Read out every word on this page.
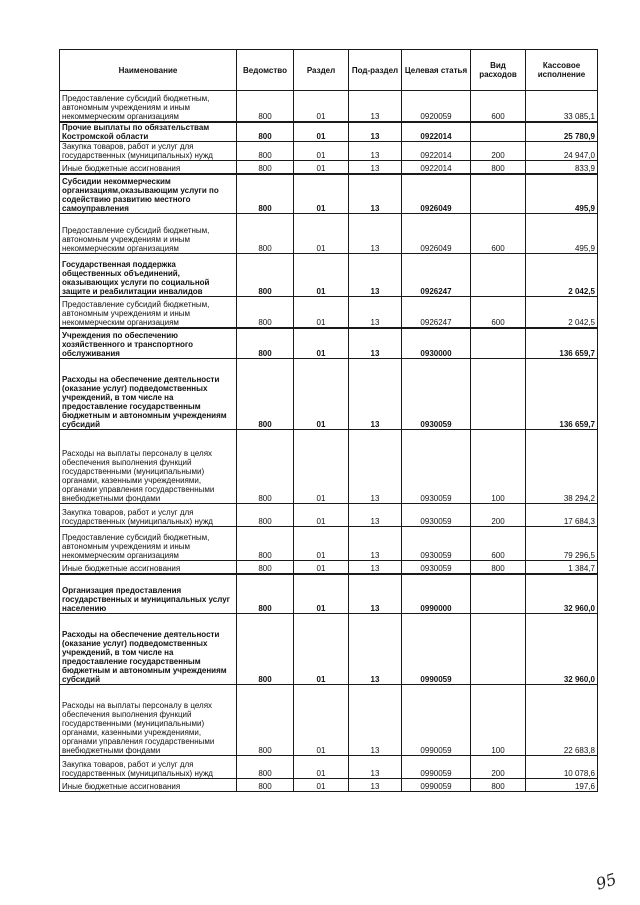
Наименование	Ведомство	Раздел	Под-раздел	Целевая статья	Вид расходов	Кассовое исполнение
Предоставление субсидий бюджетным, автономным учреждениям и иным некоммерческим организациям	800	01	13	0920059	600	33 085,1
Прочие выплаты по обязательствам Костромской области	800	01	13	0922014		25 780,9
Закупка товаров, работ и услуг для государственных (муниципальных) нужд	800	01	13	0922014	200	24 947,0
Иные бюджетные ассигнования	800	01	13	0922014	800	833,9
Субсидии некоммерческим организациям,оказывающим услуги по содействию развитию местного самоуправления	800	01	13	0926049		495,9
Предоставление субсидий бюджетным, автономным учреждениям и иным некоммерческим организациям	800	01	13	0926049	600	495,9
Государственная поддержка общественных объединений, оказывающих услуги по социальной защите и реабилитации инвалидов	800	01	13	0926247		2 042,5
Предоставление субсидий бюджетным, автономным учреждениям и иным некоммерческим организациям	800	01	13	0926247	600	2 042,5
Учреждения по обеспечению хозяйственного и транспортного обслуживания	800	01	13	0930000		136 659,7
Расходы на обеспечение деятельности (оказание услуг) подведомственных учреждений, в том числе на предоставление государственным бюджетным и автономным учреждениям субсидий	800	01	13	0930059		136 659,7
Расходы на выплаты персоналу в целях обеспечения выполнения функций государственными (муниципальными) органами, казенными учреждениями, органами управления государственными внебюджетными фондами	800	01	13	0930059	100	38 294,2
Закупка товаров, работ и услуг для государственных (муниципальных) нужд	800	01	13	0930059	200	17 684,3
Предоставление субсидий бюджетным, автономным учреждениям и иным некоммерческим организациям	800	01	13	0930059	600	79 296,5
Иные бюджетные ассигнования	800	01	13	0930059	800	1 384,7
Организация предоставления государственных и муниципальных услуг населению	800	01	13	0990000		32 960,0
Расходы на обеспечение деятельности (оказание услуг) подведомственных учреждений, в том числе на предоставление государственным бюджетным и автономным учреждениям субсидий	800	01	13	0990059		32 960,0
Расходы на выплаты персоналу в целях обеспечения выполнения функций государственными (муниципальными) органами, казенными учреждениями, органами управления государственными внебюджетными фондами	800	01	13	0990059	100	22 683,8
Закупка товаров, работ и услуг для государственных (муниципальных) нужд	800	01	13	0990059	200	10 078,6
Иные бюджетные ассигнования	800	01	13	0990059	800	197,6
95
